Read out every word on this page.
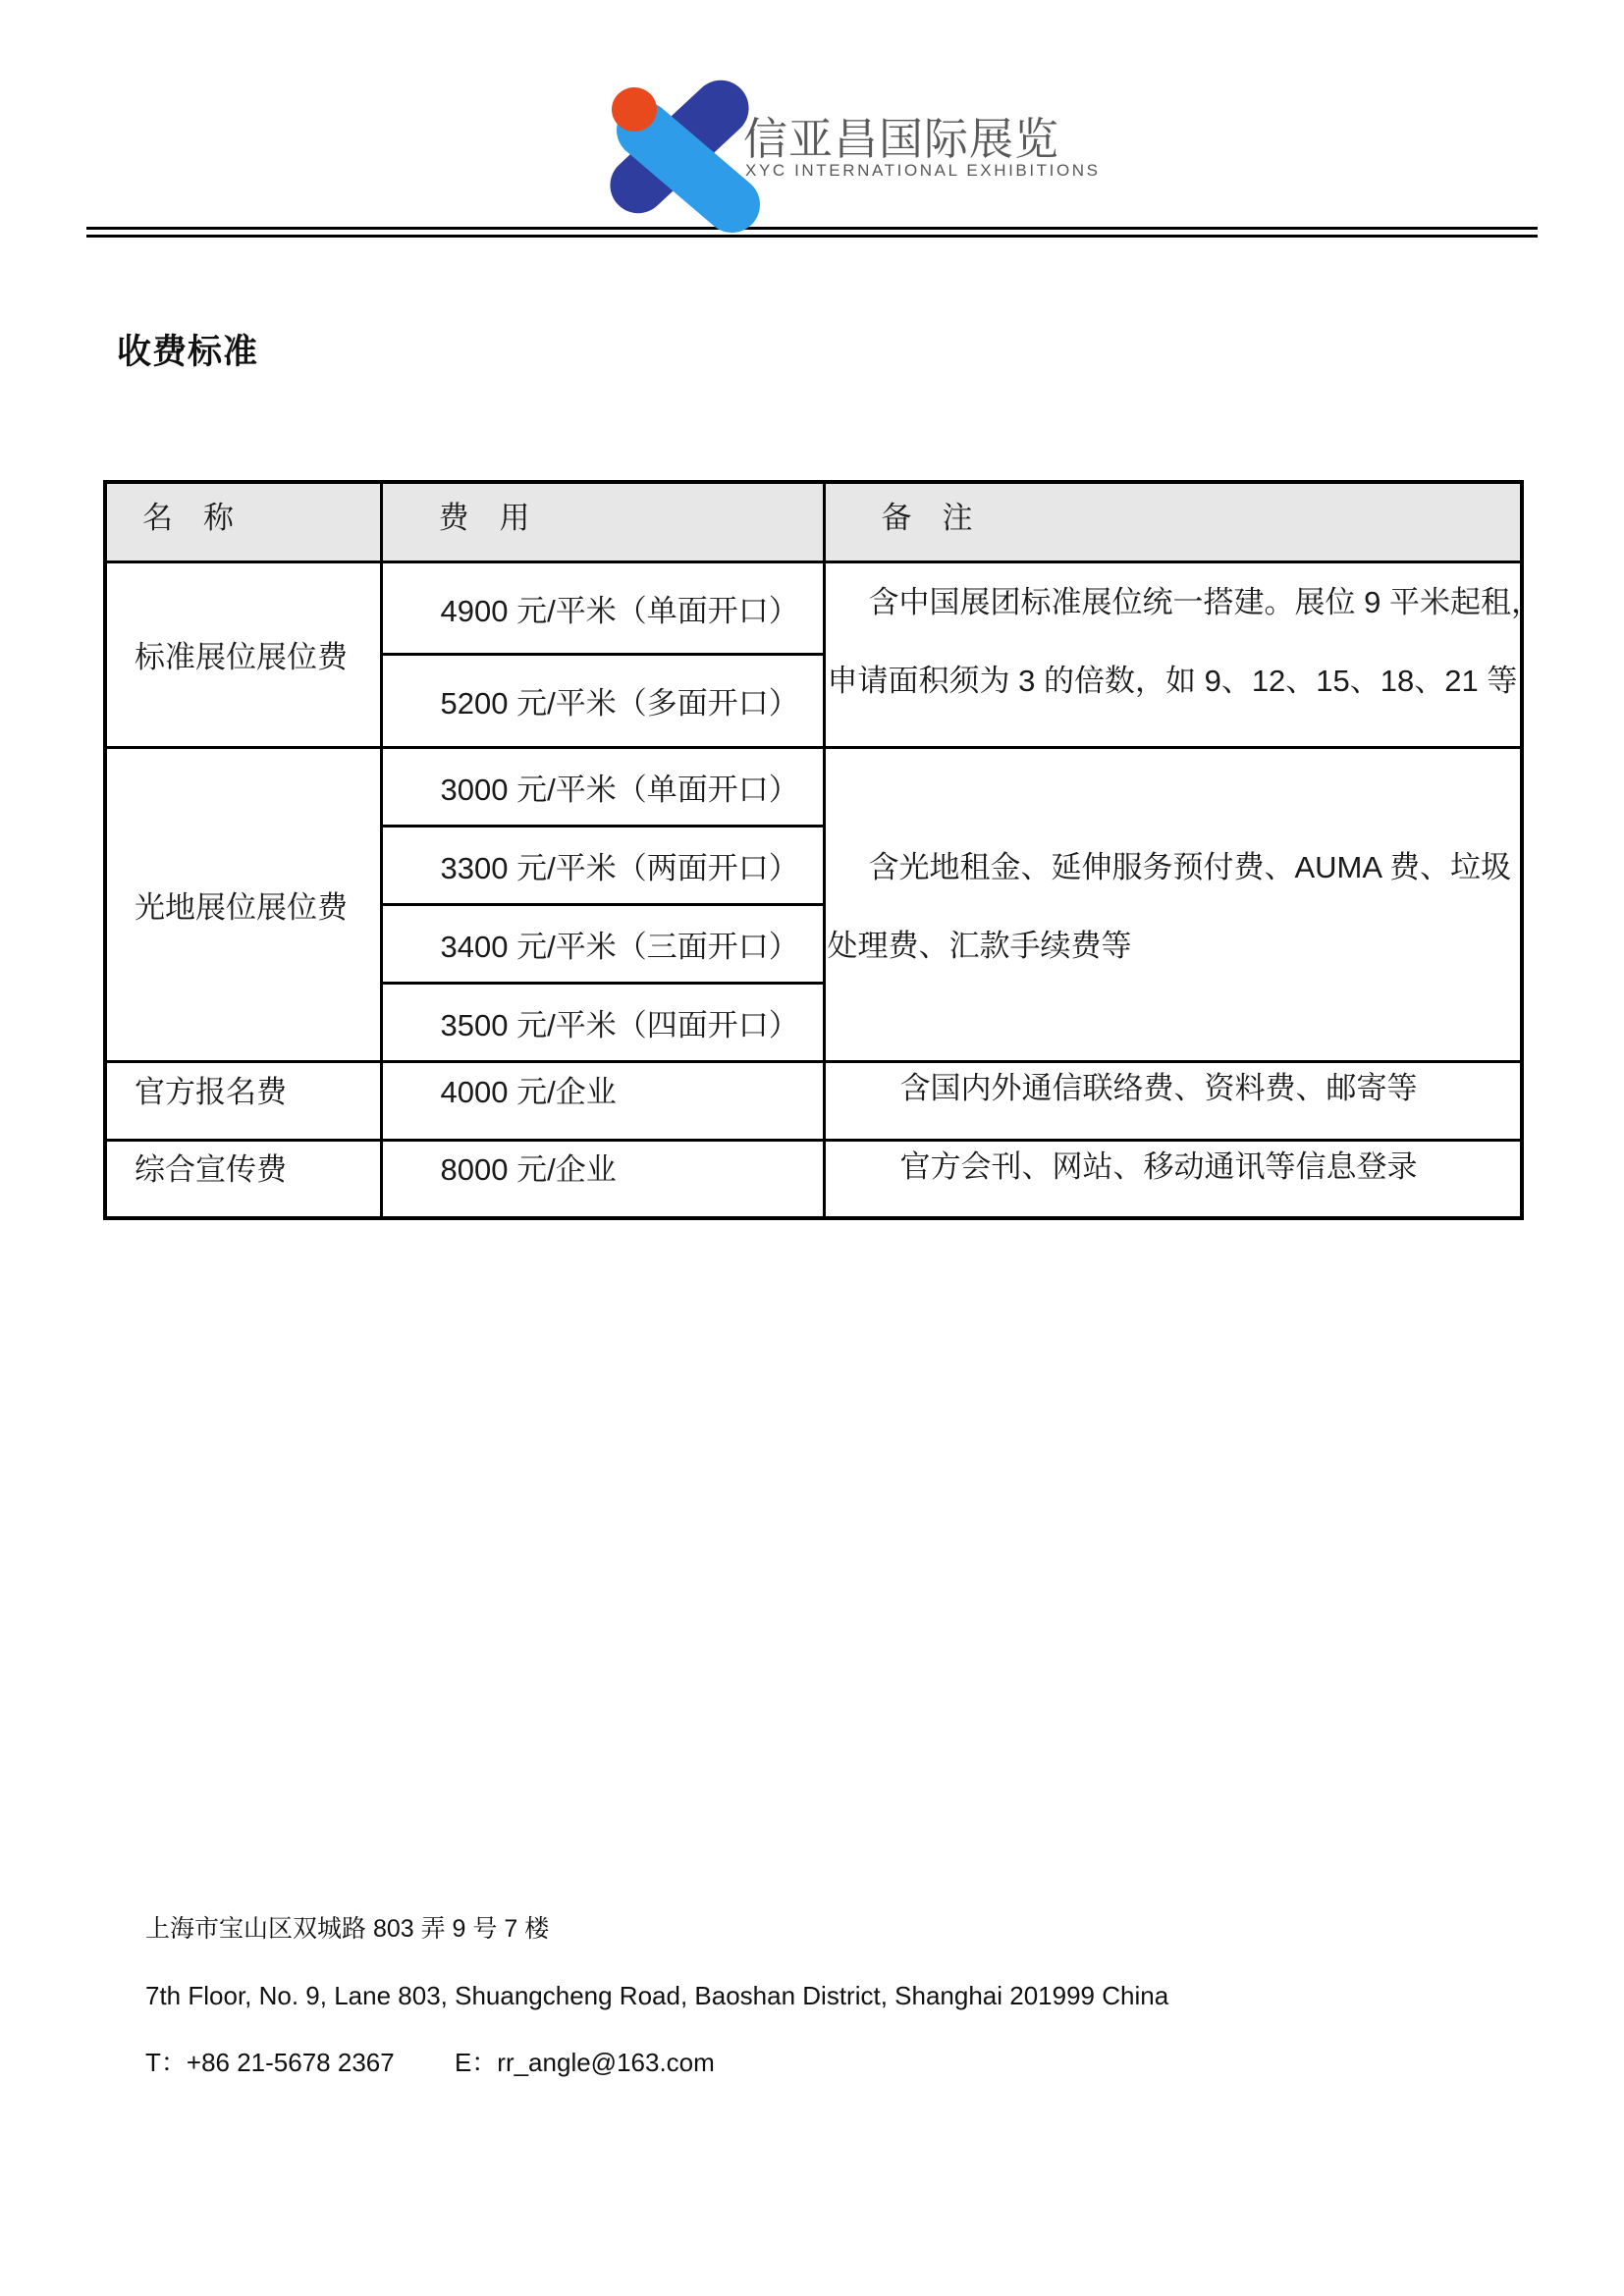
信亚昌国际展览
XYC INTERNATIONAL EXHIBITIONS
收费标准
名　称	费　用	备　注
标准展位展位费	4900 元/平米（单面开口）	含中国展团标准展位统一搭建。展位 9 平米起租，
申请面积须为 3 的倍数，如 9、12、15、18、21 等

	5200 元/平米（多面开口）	
光地展位展位费	3000 元/平米（单面开口）	含光地租金、延伸服务预付费、AUMA 费、垃圾
处理费、汇款手续费等

	3300 元/平米（两面开口）	
	3400 元/平米（三面开口）	
	3500 元/平米（四面开口）	
官方报名费	4000 元/企业	含国内外通信联络费、资料费、邮寄等
综合宣传费	8000 元/企业	官方会刊、网站、移动通讯等信息登录

上海市宝山区双城路 803 弄 9 号 7 楼

7th Floor, No. 9, Lane 803, Shuangcheng Road, Baoshan District, Shanghai 201999 China

T：+86 21-5678 2367 E：rr_angle@163.com
